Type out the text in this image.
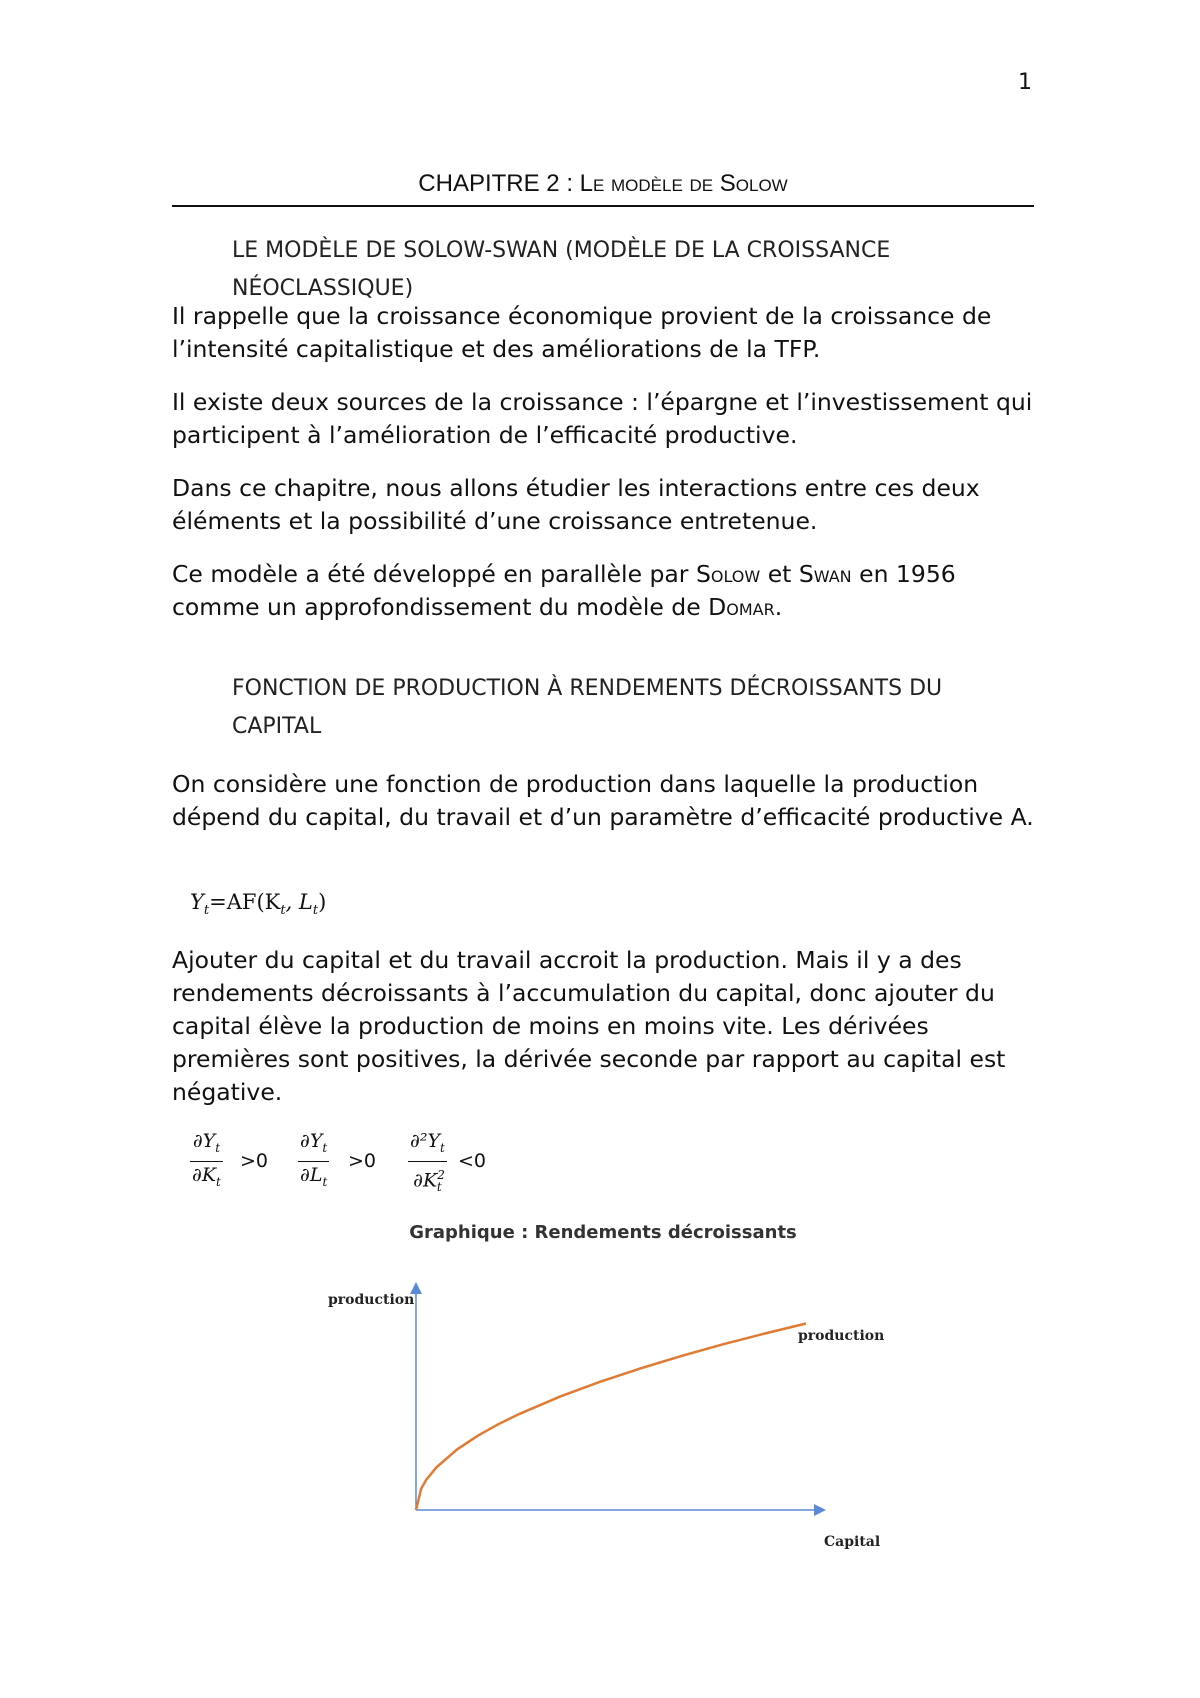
1
CHAPITRE 2 : Le modèle de Solow
LE MODÈLE DE SOLOW-SWAN (MODÈLE DE LA CROISSANCE NÉOCLASSIQUE)

Il rappelle que la croissance économique provient de la croissance de l’intensité capitalistique et des améliorations de la TFP.

Il existe deux sources de la croissance : l’épargne et l’investissement qui participent à l’amélioration de l’efficacité productive.

Dans ce chapitre, nous allons étudier les interactions entre ces deux éléments et la possibilité d’une croissance entretenue.

Ce modèle a été développé en parallèle par Solow et Swan en 1956 comme un approfondissement du modèle de Domar.

FONCTION DE PRODUCTION À RENDEMENTS DÉCROISSANTS DU CAPITAL

On considère une fonction de production dans laquelle la production dépend du capital, du travail et d’un paramètre d’efficacité productive A.

$Y_t=AF(K_t$, $L_t$)

Ajouter du capital et du travail accroit la production. Mais il y a des rendements décroissants à l’accumulation du capital, donc ajouter du capital élève la production de moins en moins vite. Les dérivées premières sont positives, la dérivée seconde par rapport au capital est négative.

$\partial Y_t$
$\partial K_t$
>0
$\partial Y_t$
$\partial L_t$
>0
$\partial^2Y_t$
$\partial K^2_t$
<0
Graphique : Rendements décroissants
production
production
Capital
